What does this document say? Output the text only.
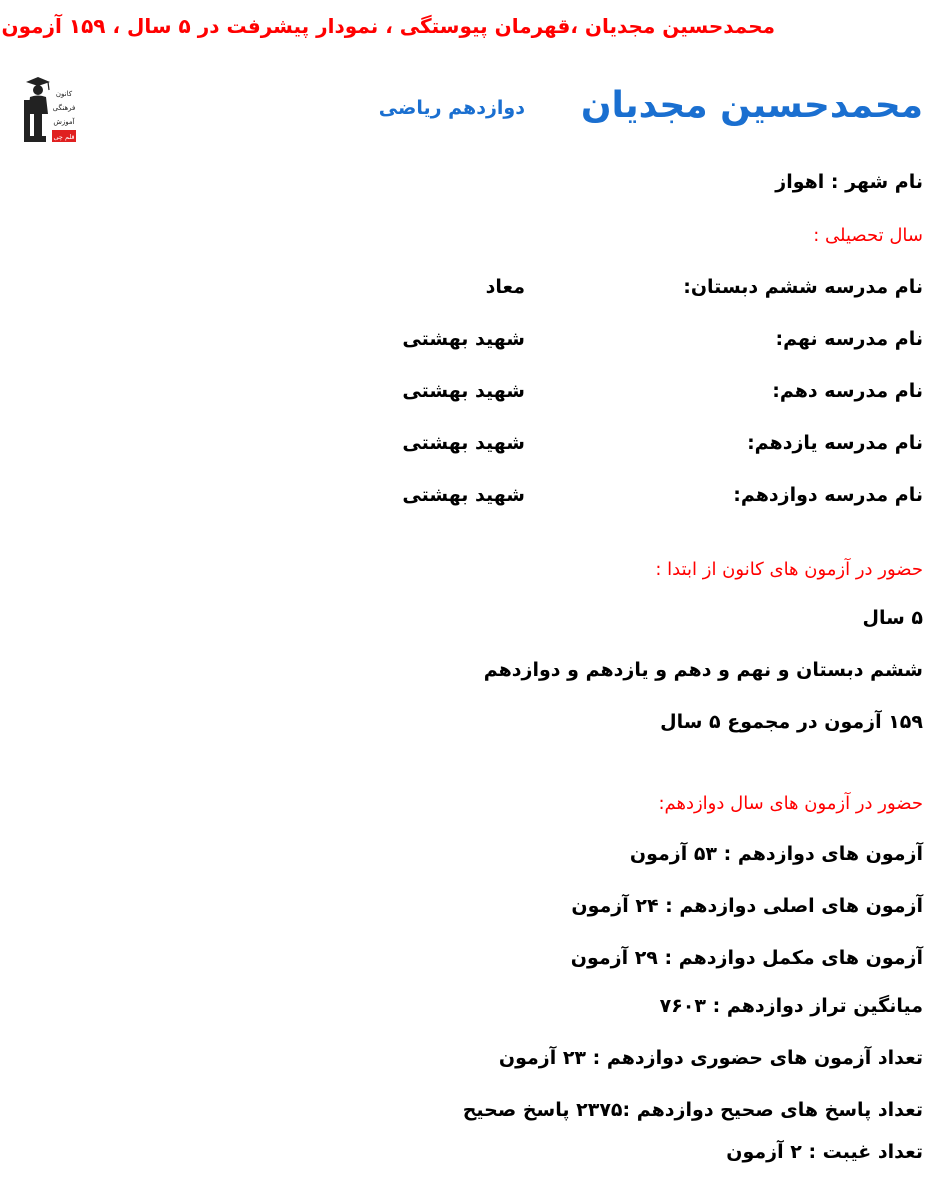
محمدحسین مجدیان ،قهرمان پیوستگی ، نمودار پیشرفت در ۵ سال ، ۱۵۹ آزمون
کانون
فرهنگی
آموزش
قلم چی
محمدحسین مجدیان
دوازدهم ریاضی
نام شهر : اهواز
سال تحصیلی :
نام مدرسه ششم دبستان:
معاد
نام مدرسه نهم:
شهید بهشتی
نام مدرسه دهم:
شهید بهشتی
نام مدرسه یازدهم:
شهید بهشتی
نام مدرسه دوازدهم:
شهید بهشتی
حضور در آزمون های کانون از ابتدا :
۵ سال
ششم دبستان و نهم و دهم و یازدهم و دوازدهم
۱۵۹ آزمون در مجموع ۵ سال
حضور در آزمون های سال دوازدهم:
آزمون های دوازدهم : ۵۳ آزمون
آزمون های اصلی دوازدهم : ۲۴ آزمون
آزمون های مکمل دوازدهم : ۲۹ آزمون
میانگین تراز دوازدهم : ۷۶۰۳
تعداد آزمون های حضوری دوازدهم : ۲۳ آزمون
تعداد پاسخ های صحیح دوازدهم :۲۳۷۵ پاسخ صحیح
تعداد غیبت : ۲ آزمون
